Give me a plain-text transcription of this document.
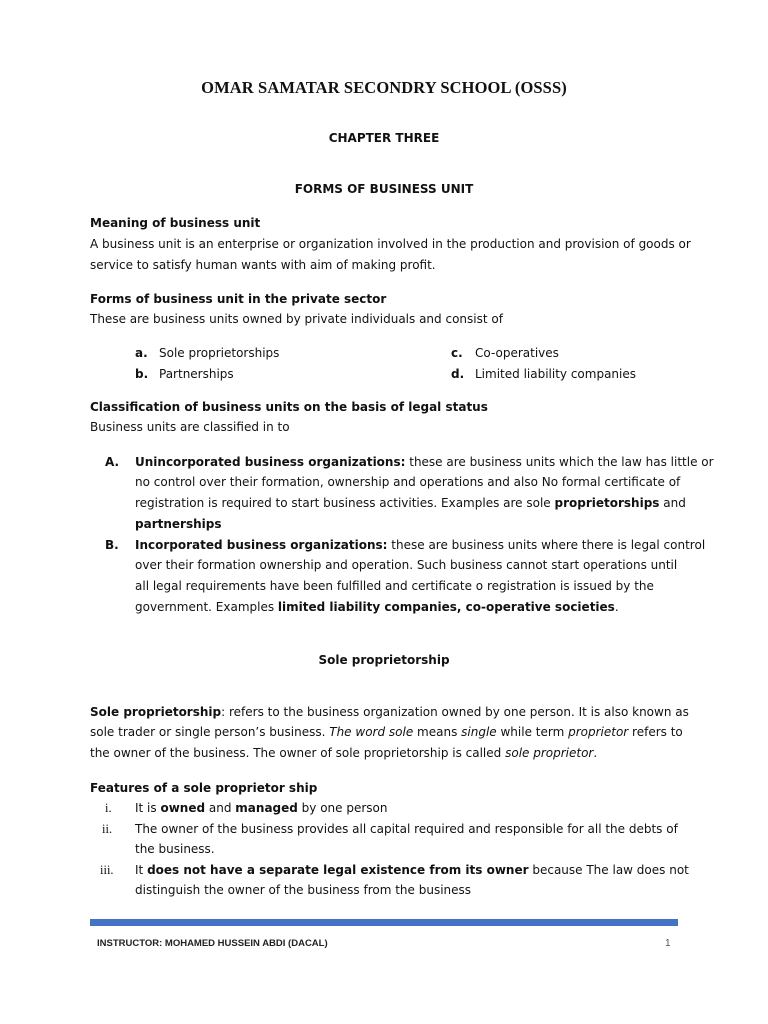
OMAR SAMATAR SECONDRY SCHOOL (OSSS)
CHAPTER THREE
FORMS OF BUSINESS UNIT
Meaning of business unit
A business unit is an enterprise or organization involved in the production and provision of goods or
service to satisfy human wants with aim of making profit.
Forms of business unit in the private sector
These are business units owned by private individuals and consist of
a. Sole proprietorships
b. Partnerships
c. Co-operatives
d. Limited liability companies
Classification of business units on the basis of legal status
Business units are classified in to
A. Unincorporated business organizations: these are business units which the law has little or
no control over their formation, ownership and operations and also No formal certificate of
registration is required to start business activities. Examples are sole proprietorships and
partnerships
B. Incorporated business organizations: these are business units where there is legal control
over their formation ownership and operation. Such business cannot start operations until
all legal requirements have been fulfilled and certificate o registration is issued by the
government. Examples limited liability companies, co-operative societies.
Sole proprietorship
Sole proprietorship: refers to the business organization owned by one person. It is also known as
sole trader or single person’s business. The word sole means single while term proprietor refers to
the owner of the business. The owner of sole proprietorship is called sole proprietor.
Features of a sole proprietor ship
i. It is owned and managed by one person
ii. The owner of the business provides all capital required and responsible for all the debts of
the business.
iii. It does not have a separate legal existence from its owner because The law does not
distinguish the owner of the business from the business
INSTRUCTOR: MOHAMED HUSSEIN ABDI (DACAL)	1
